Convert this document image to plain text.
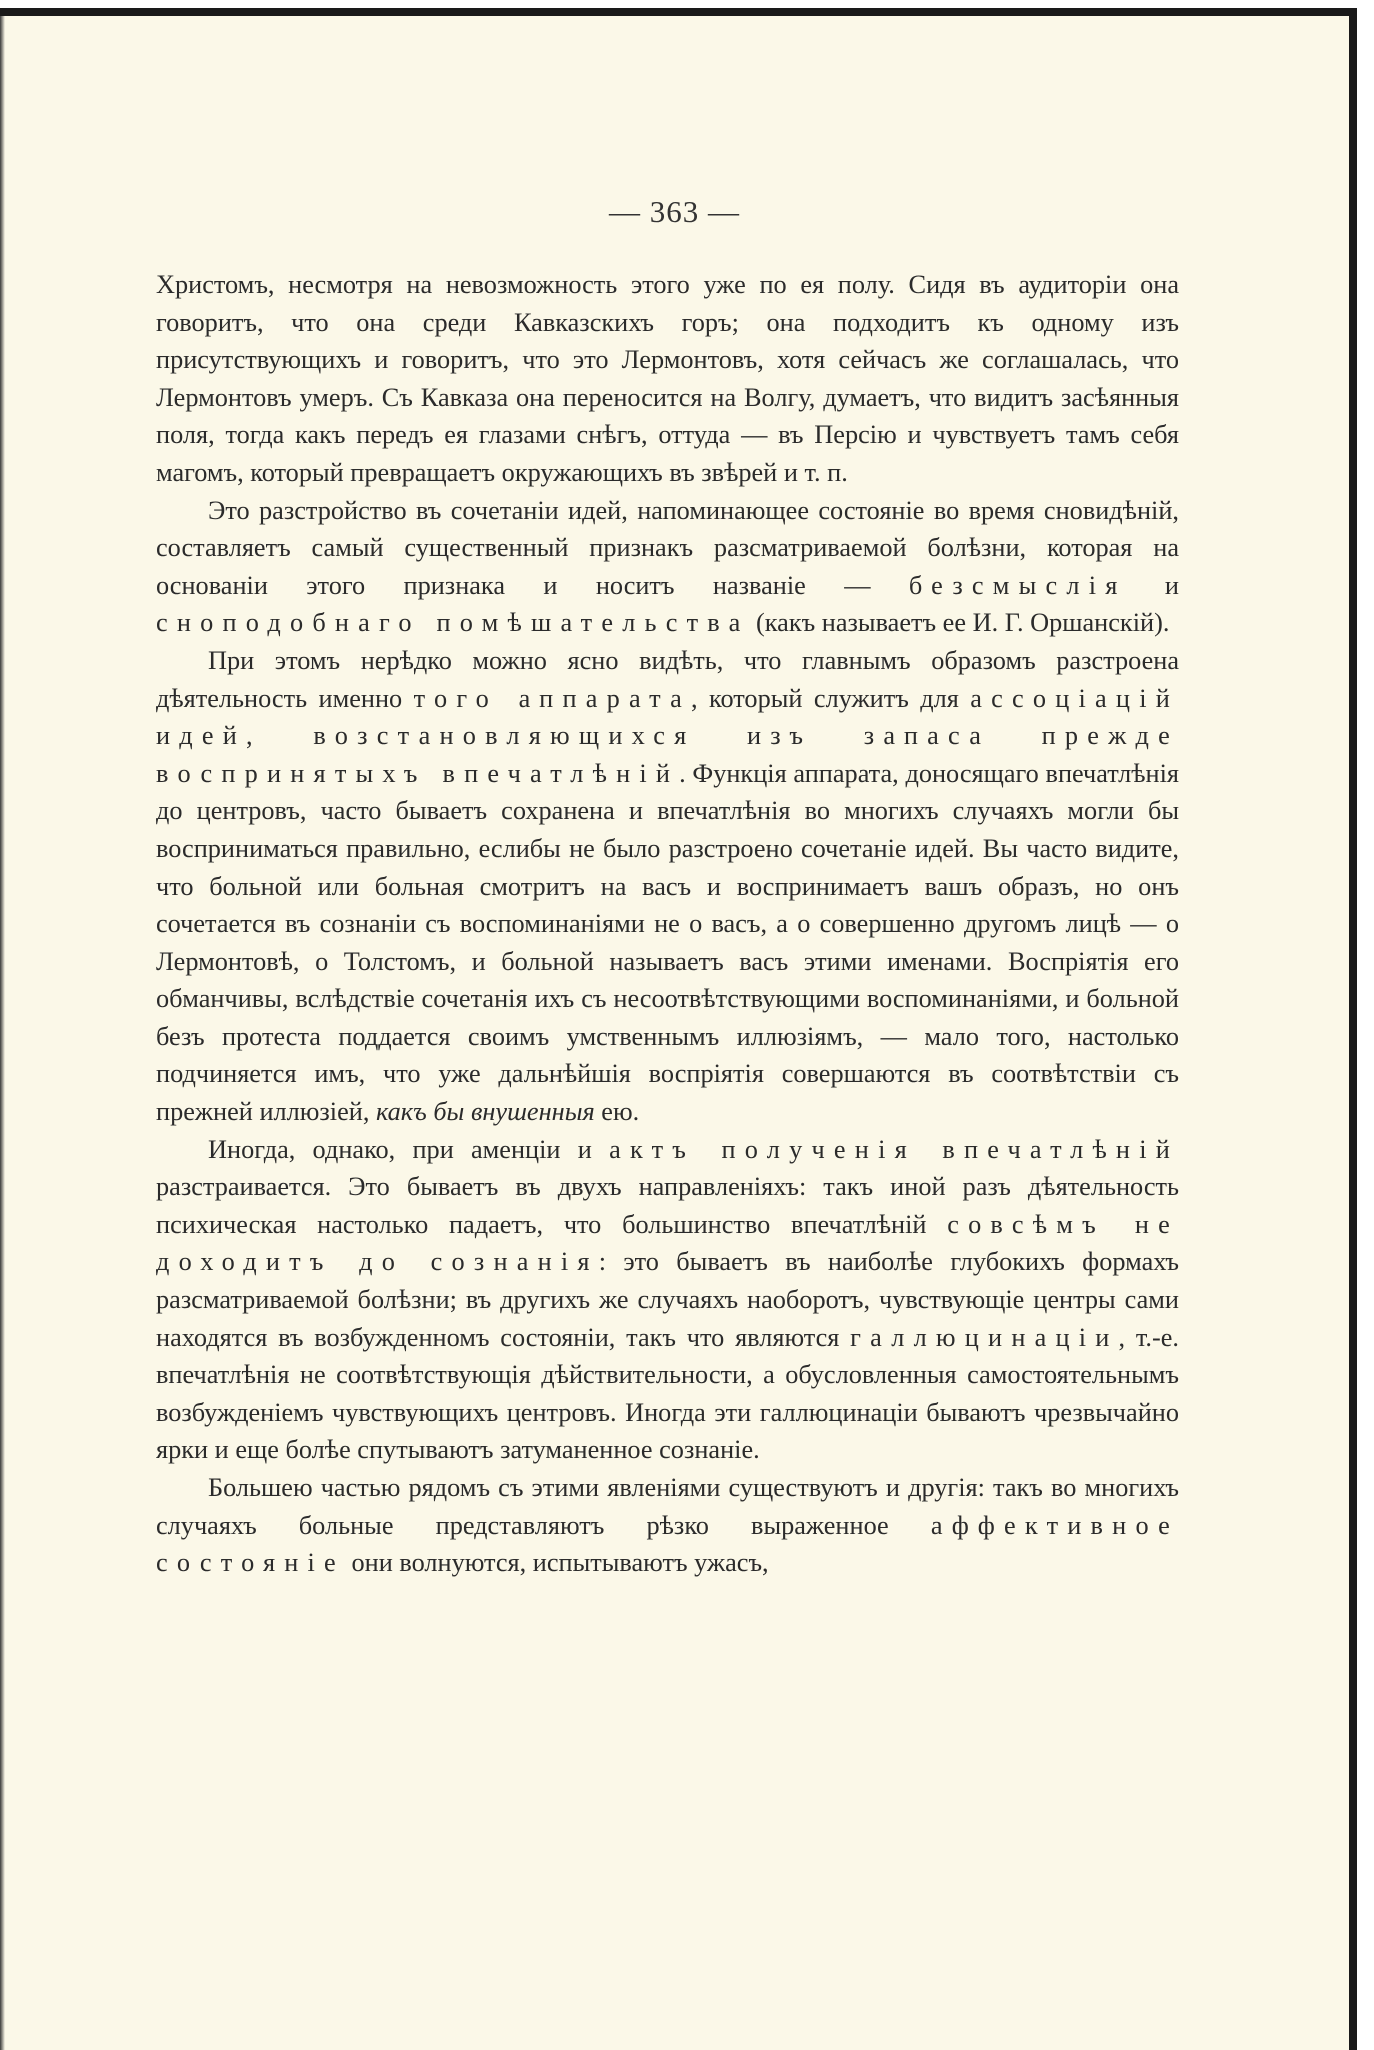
— 363 —

Христомъ, несмотря на невозможность этого уже по ея полу. Сидя въ аудиторіи она говоритъ, что она среди Кавказскихъ горъ; она подходитъ къ одному изъ присутствующихъ и говоритъ, что это Лермонтовъ, хотя сейчасъ же соглашалась, что Лермонтовъ умеръ. Съ Кавказа она переносится на Волгу, думаетъ, что видитъ засѣянныя поля, тогда какъ передъ ея глазами снѣгъ, оттуда — въ Персію и чувствуетъ тамъ себя магомъ, который превращаетъ окружающихъ въ звѣрей и т. п.

Это разстройство въ сочетаніи идей, напоминающее состояніе во время сновидѣній, составляетъ самый существенный признакъ разсматриваемой болѣзни, которая на основаніи этого признака и носитъ названіе — безсмыслія и сноподобнаго помѣшательства (какъ называетъ ее И. Г. Оршанскій).

При этомъ нерѣдко можно ясно видѣть, что главнымъ образомъ разстроена дѣятельность именно того аппарата, который служитъ для ассоціацій идей, возстановляющихся изъ запаса прежде воспринятыхъ впечатлѣній. Функція аппарата, доносящаго впечатлѣнія до центровъ, часто бываетъ сохранена и впечатлѣнія во многихъ случаяхъ могли бы восприниматься правильно, еслибы не было разстроено сочетаніе идей. Вы часто видите, что больной или больная смотритъ на васъ и воспринимаетъ вашъ образъ, но онъ сочетается въ сознаніи съ воспоминаніями не о васъ, а о совершенно другомъ лицѣ — о Лермонтовѣ, о Толстомъ, и больной называетъ васъ этими именами. Воспріятія его обманчивы, вслѣдствіе сочетанія ихъ съ несоотвѣтствующими воспоминаніями, и больной безъ протеста поддается своимъ умственнымъ иллюзіямъ, — мало того, настолько подчиняется имъ, что уже дальнѣйшія воспріятія совершаются въ соотвѣтствіи съ прежней иллюзіей, какъ бы внушенныя ею.

Иногда, однако, при аменціи и актъ полученія впечатлѣній разстраивается. Это бываетъ въ двухъ направленіяхъ: такъ иной разъ дѣятельность психическая настолько падаетъ, что большинство впечатлѣній совсѣмъ не доходитъ до сознанія: это бываетъ въ наиболѣе глубокихъ формахъ разсматриваемой болѣзни; въ другихъ же случаяхъ наоборотъ, чувствующіе центры сами находятся въ возбужденномъ состояніи, такъ что являются галлюцинаціи, т.-е. впечатлѣнія не соотвѣтствующія дѣйствительности, а обусловленныя самостоятельнымъ возбужденіемъ чувствующихъ центровъ. Иногда эти галлюцинаціи бываютъ чрезвычайно ярки и еще болѣе спутываютъ затуманенное сознаніе.

Большею частью рядомъ съ этими явленіями существуютъ и другія: такъ во многихъ случаяхъ больные представляютъ рѣзко выраженное аффективное состояніе они волнуются, испытываютъ ужасъ,
